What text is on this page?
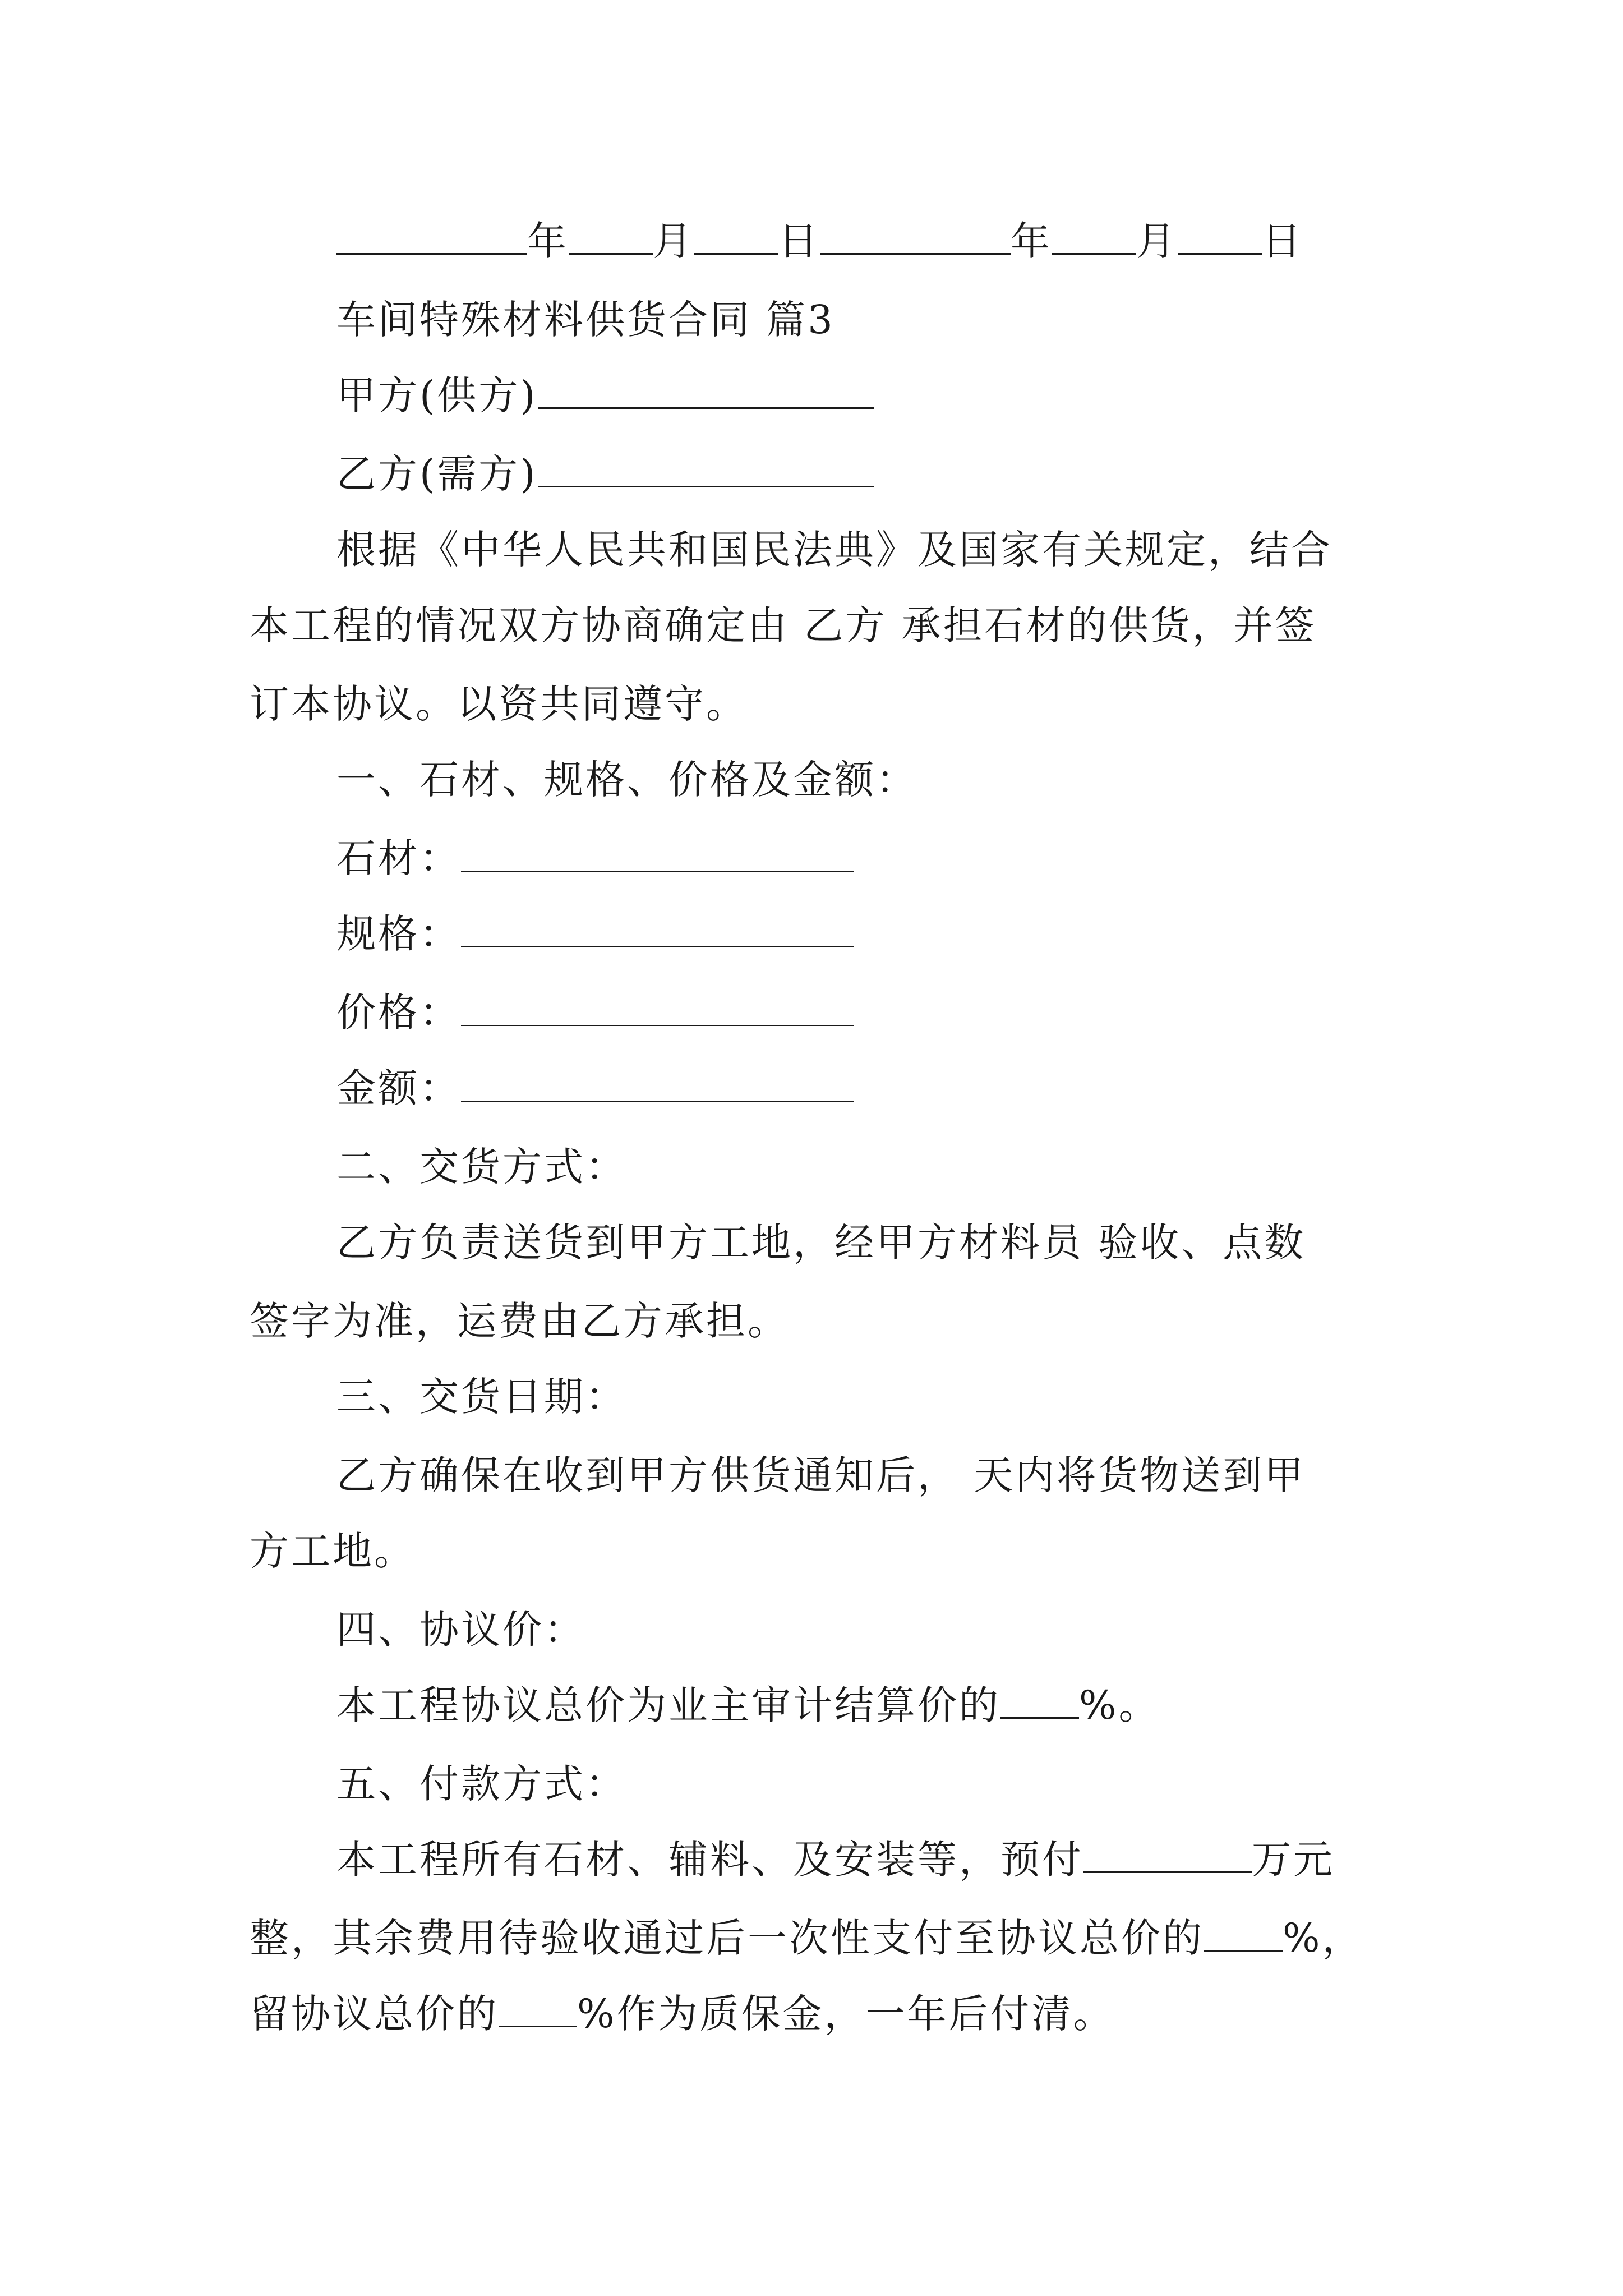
年 月 日	年 月 日
车间特殊材料供货合同 篇3
甲方(供方)
乙方(需方)
根据《中华人民共和国民法典》及国家有关规定，结合
本工程的情况双方协商确定由 乙方 承担石材的供货，并签
订本协议。以资共同遵守。
一、石材、规格、价格及金额：
石材：
规格：
价格：
金额：
二、交货方式：
乙方负责送货到甲方工地，经甲方材料员 验收、点数
签字为准，运费由乙方承担。
三、交货日期：
乙方确保在收到甲方供货通知后， 天内将货物送到甲
方工地。
四、协议价：
本工程协议总价为业主审计结算价的 %。
五、付款方式：
本工程所有石材、辅料、及安装等，预付	万元
整，其余费用待验收通过后一次性支付至协议总价的 %，
留协议总价的 %作为质保金，一年后付清。
